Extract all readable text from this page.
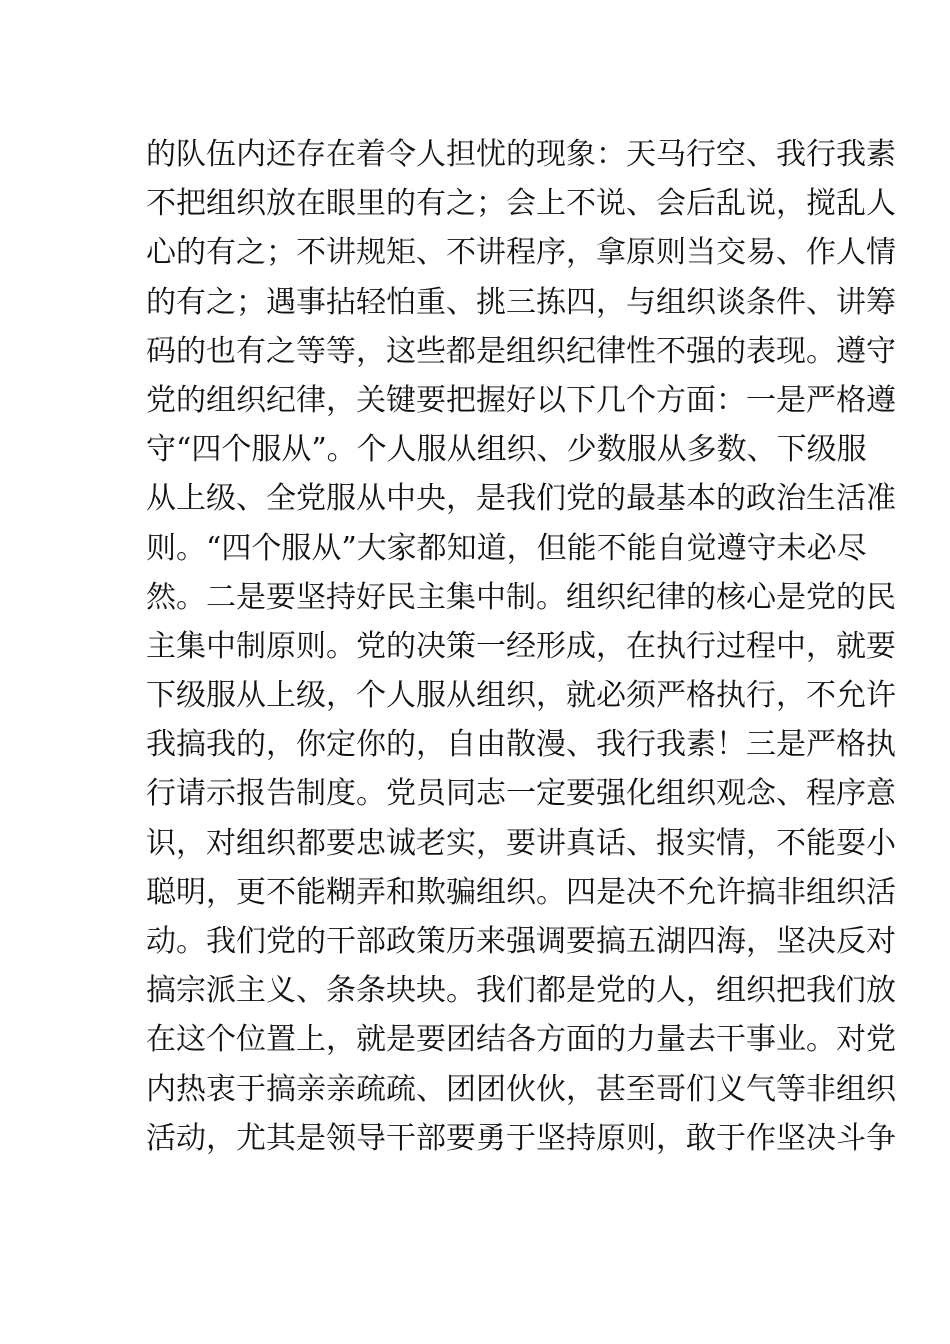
的队伍内还存在着令人担忧的现象：天马行空、我行我素
不把组织放在眼里的有之；会上不说、会后乱说，搅乱人
心的有之；不讲规矩、不讲程序，拿原则当交易、作人情
的有之；遇事拈轻怕重、挑三拣四，与组织谈条件、讲筹
码的也有之等等，这些都是组织纪律性不强的表现。遵守
党的组织纪律，关键要把握好以下几个方面：一是严格遵
守“四个服从”。个人服从组织、少数服从多数、下级服
从上级、全党服从中央，是我们党的最基本的政治生活准
则。“四个服从”大家都知道，但能不能自觉遵守未必尽
然。二是要坚持好民主集中制。组织纪律的核心是党的民
主集中制原则。党的决策一经形成，在执行过程中，就要
下级服从上级，个人服从组织，就必须严格执行，不允许
我搞我的，你定你的，自由散漫、我行我素！三是严格执
行请示报告制度。党员同志一定要强化组织观念、程序意
识，对组织都要忠诚老实，要讲真话、报实情，不能耍小
聪明，更不能糊弄和欺骗组织。四是决不允许搞非组织活
动。我们党的干部政策历来强调要搞五湖四海，坚决反对
搞宗派主义、条条块块。我们都是党的人，组织把我们放
在这个位置上，就是要团结各方面的力量去干事业。对党
内热衷于搞亲亲疏疏、团团伙伙，甚至哥们义气等非组织
活动，尤其是领导干部要勇于坚持原则，敢于作坚决斗争
